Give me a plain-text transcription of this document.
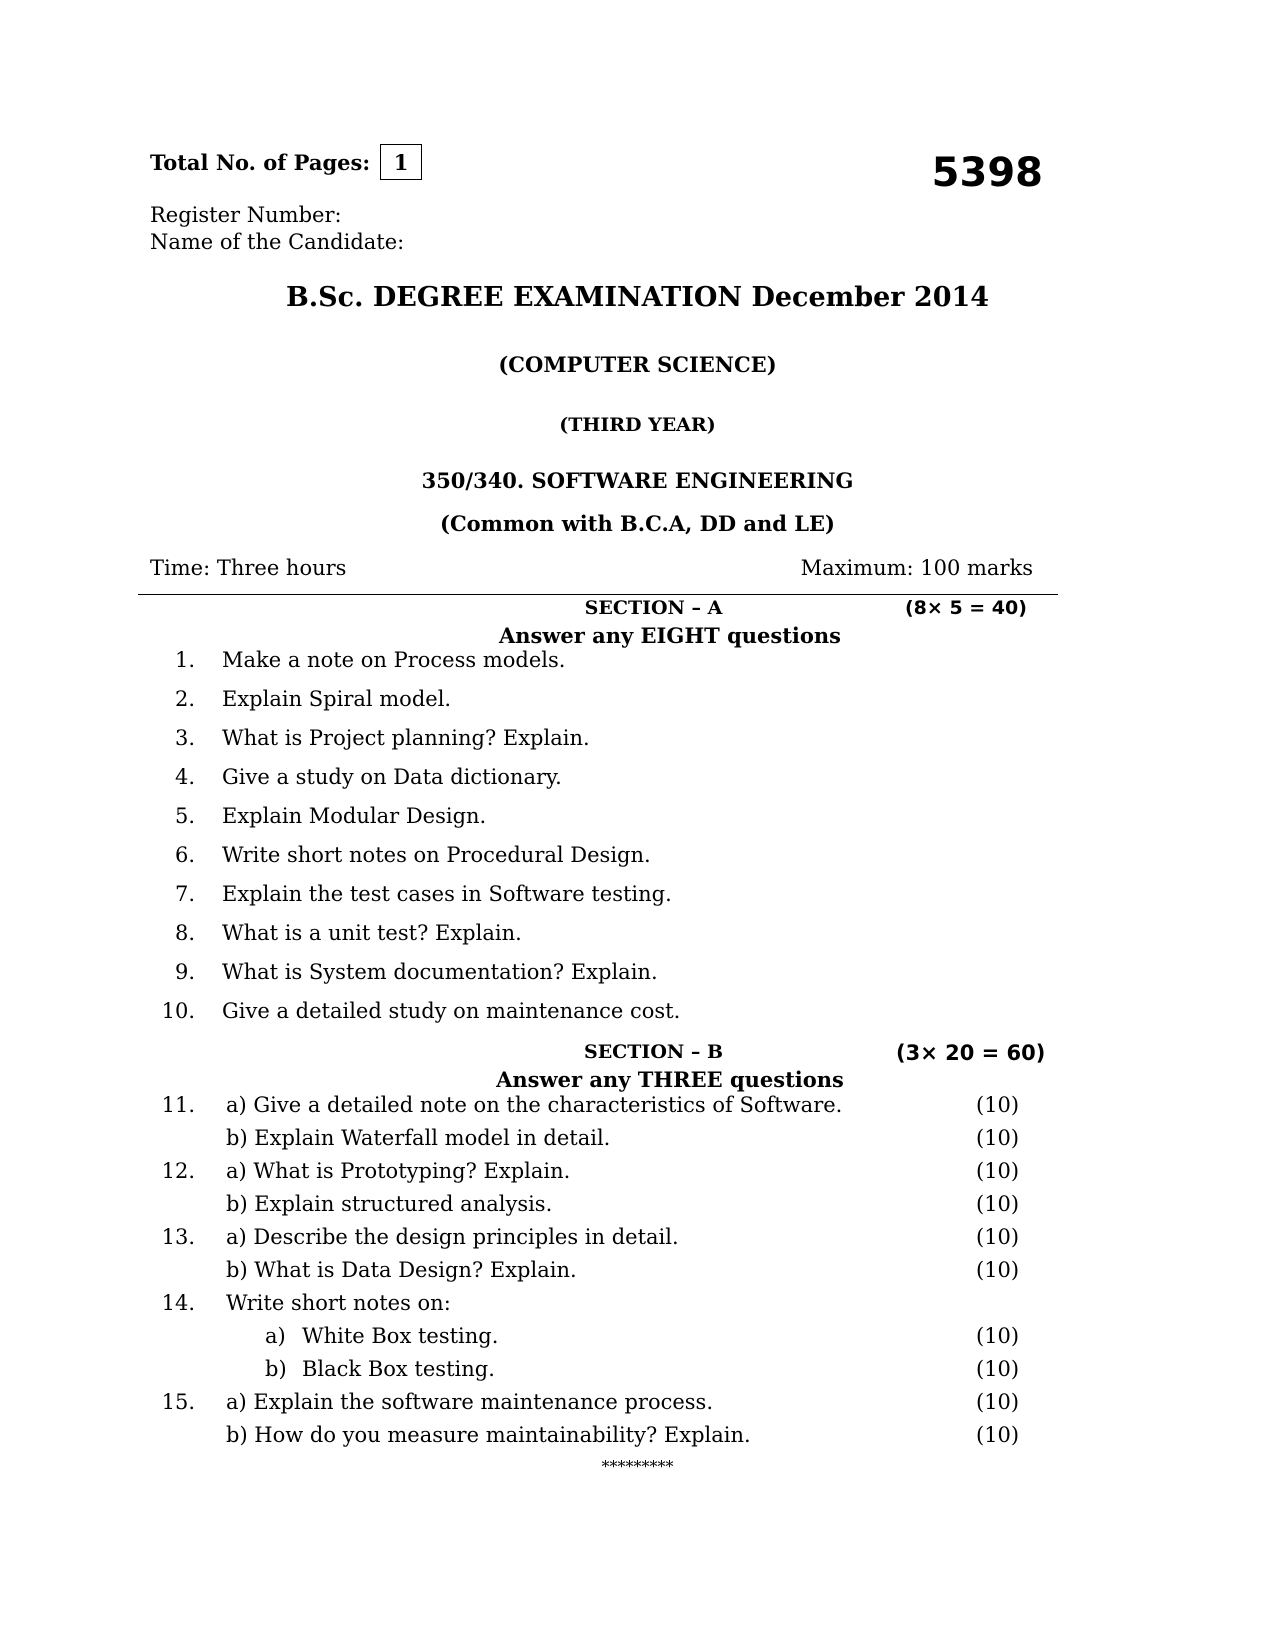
Total No. of Pages:	1	5398
Register Number:
Name of the Candidate:
B.Sc. DEGREE EXAMINATION December 2014
(COMPUTER SCIENCE)
(THIRD YEAR)
350/340. SOFTWARE ENGINEERING
(Common with B.C.A, DD and LE)
Time: Three hours	Maximum: 100 marks
SECTION – A	(8× 5 = 40)
Answer any EIGHT questions
1. Make a note on Process models.
2. Explain Spiral model.
3. What is Project planning? Explain.
4. Give a study on Data dictionary.
5. Explain Modular Design.
6. Write short notes on Procedural Design.
7. Explain the test cases in Software testing.
8. What is a unit test? Explain.
9. What is System documentation? Explain.
10. Give a detailed study on maintenance cost.
SECTION – B	(3× 20 = 60)
Answer any THREE questions
11. a) Give a detailed note on the characteristics of Software.	(10)
b) Explain Waterfall model in detail.	(10)
12. a) What is Prototyping? Explain.	(10)
b) Explain structured analysis.	(10)
13. a) Describe the design principles in detail.	(10)
b) What is Data Design? Explain.	(10)
14. Write short notes on:
a) White Box testing.	(10)
b) Black Box testing.	(10)
15. a) Explain the software maintenance process.	(10)
b) How do you measure maintainability? Explain.	(10)
*********
